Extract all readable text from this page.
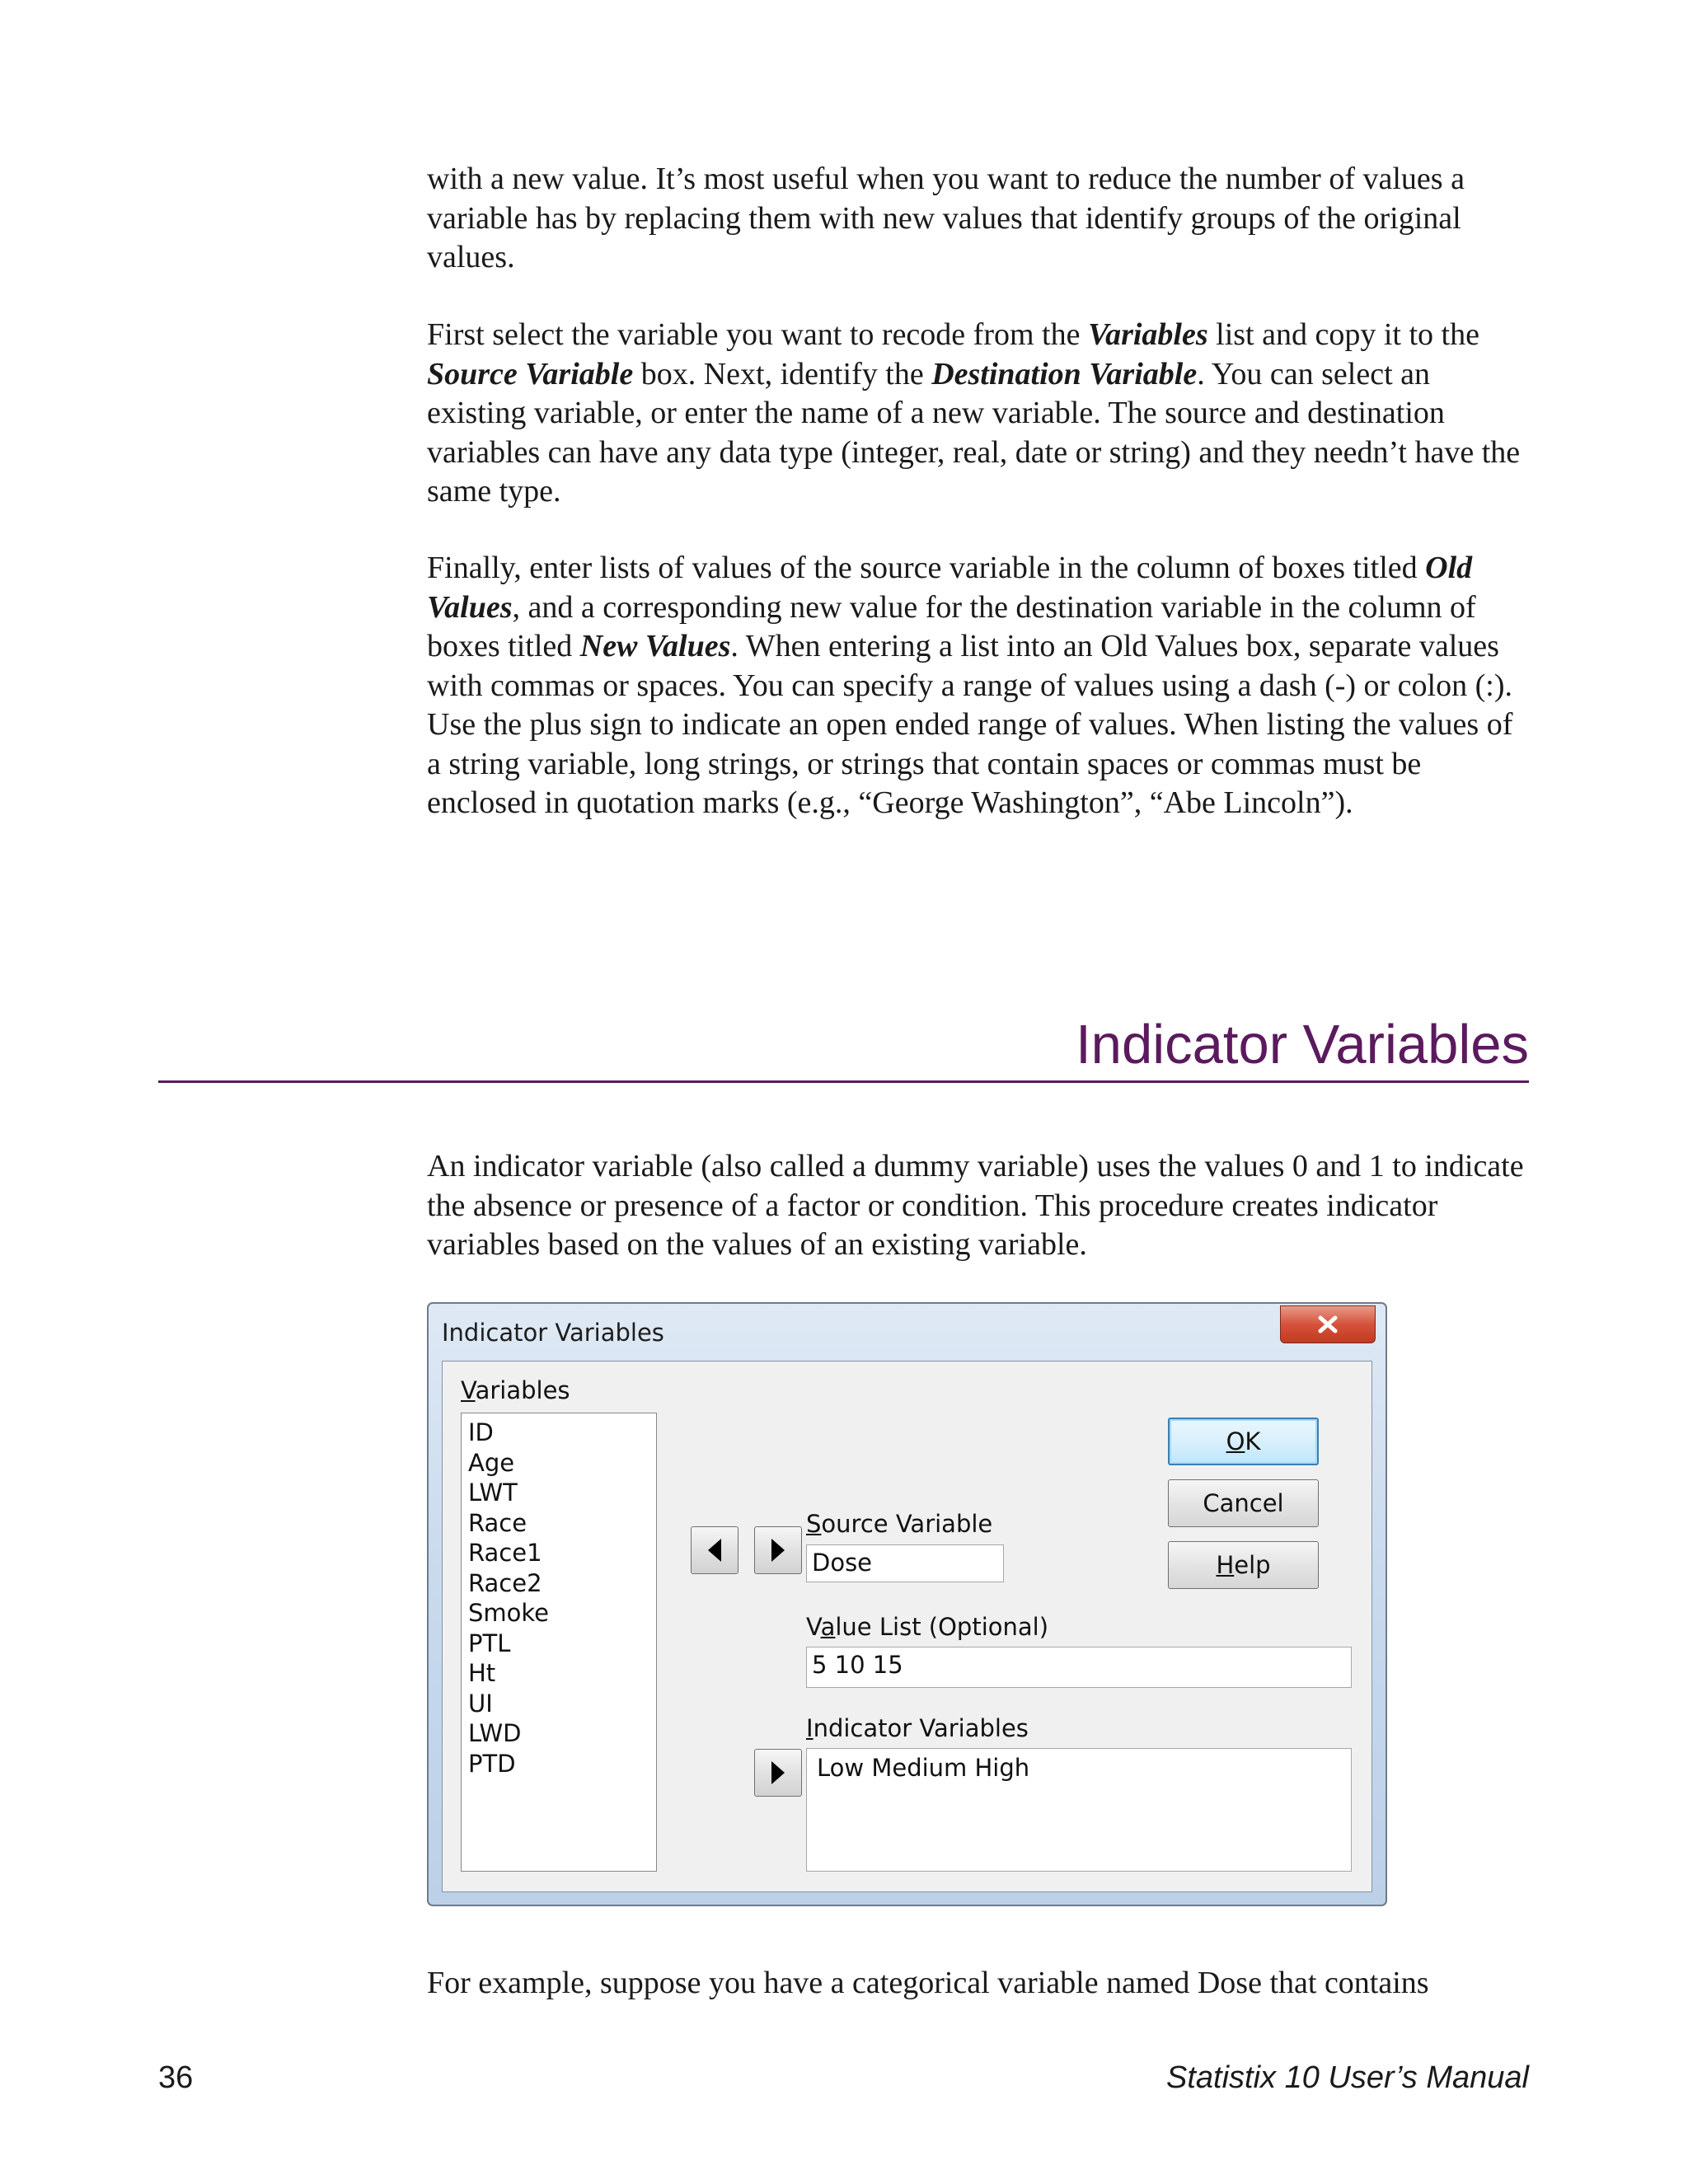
with a new value. It’s most useful when you want to reduce the number of values a variable has by replacing them with new values that identify groups of the original values.

First select the variable you want to recode from the Variables list and copy it to the Source Variable box. Next, identify the Destination Variable. You can select an existing variable, or enter the name of a new variable. The source and destination variables can have any data type (integer, real, date or string) and they needn’t have the same type.

Finally, enter lists of values of the source variable in the column of boxes titled Old Values, and a corresponding new value for the destination variable in the column of boxes titled New Values. When entering a list into an Old Values box, separate values with commas or spaces. You can specify a range of values using a dash (-) or colon (:). Use the plus sign to indicate an open ended range of values. When listing the values of a string variable, long strings, or strings that contain spaces or commas must be enclosed in quotation marks (e.g., “George Washington”, “Abe Lincoln”).

Indicator Variables

An indicator variable (also called a dummy variable) uses the values 0 and 1 to indicate the absence or presence of a factor or condition. This procedure creates indicator variables based on the values of an existing variable.

Indicator Variables
Variables
ID
Age
LWT
Race
Race1
Race2
Smoke
PTL
Ht
UI
LWD
PTD
Source Variable
Dose
Value List (Optional)
5 10 15
Indicator Variables
Low Medium High
O K
Cancel
H elp

For example, suppose you have a categorical variable named Dose that contains

36	Statistix 10 User’s Manual
